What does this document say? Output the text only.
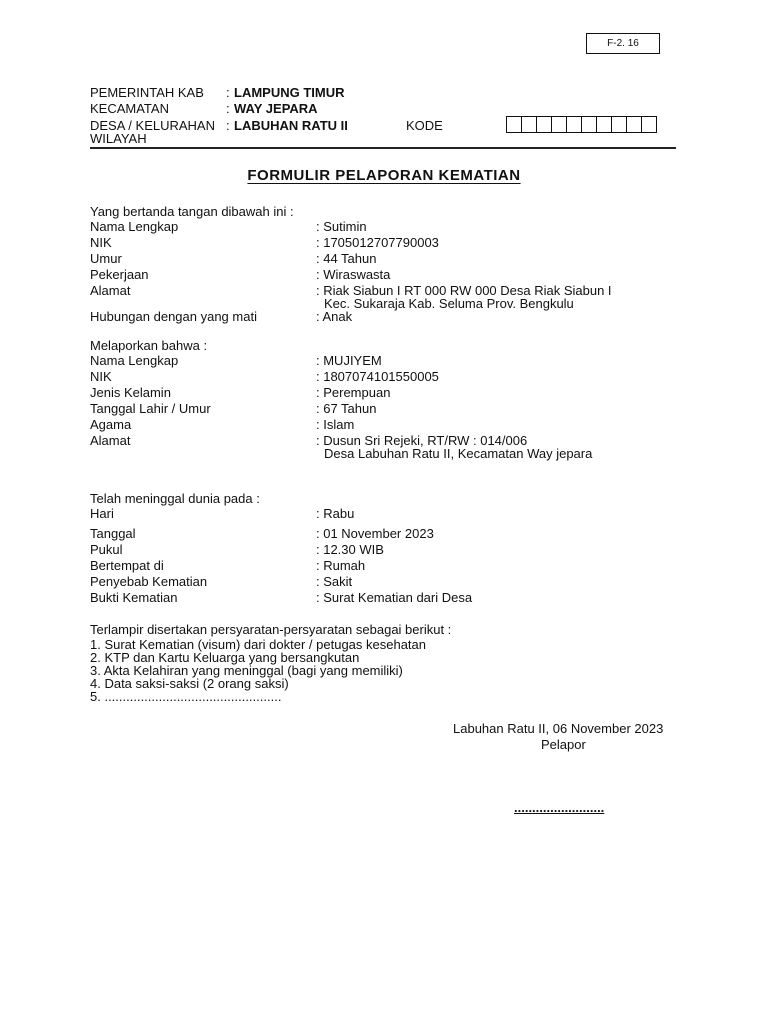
F-2. 16
PEMERINTAH KAB : LAMPUNG TIMUR
KECAMATAN	: WAY JEPARA
DESA / KELURAHAN : LABUHAN RATU II
WILAYAH
KODE
FORMULIR PELAPORAN KEMATIAN
Yang bertanda tangan dibawah ini :
Nama Lengkap	: Sutimin
NIK	: 1705012707790003
Umur	: 44 Tahun
Pekerjaan	: Wiraswasta
Alamat	: Riak Siabun I RT 000 RW 000 Desa Riak Siabun I
Kec. Sukaraja Kab. Seluma Prov. Bengkulu
Hubungan dengan yang mati	: Anak
Melaporkan bahwa :
Nama Lengkap	: MUJIYEM
NIK	: 1807074101550005
Jenis Kelamin	: Perempuan
Tanggal Lahir / Umur	: 67 Tahun
Agama	: Islam
Alamat	: Dusun Sri Rejeki, RT/RW : 014/006
Desa Labuhan Ratu II, Kecamatan Way jepara
Telah meninggal dunia pada :
Hari	: Rabu
Tanggal	: 01 November 2023
Pukul	: 12.30 WIB
Bertempat di	: Rumah
Penyebab Kematian	: Sakit
Bukti Kematian	: Surat Kematian dari Desa
Terlampir disertakan persyaratan-persyaratan sebagai berikut :
1. Surat Kematian (visum) dari dokter / petugas kesehatan
2. KTP dan Kartu Keluarga yang bersangkutan
3. Akta Kelahiran yang meninggal (bagi yang memiliki)
4. Data saksi-saksi (2 orang saksi)
5. .................................................
Labuhan Ratu II, 06 November 2023
Pelapor
.........................
